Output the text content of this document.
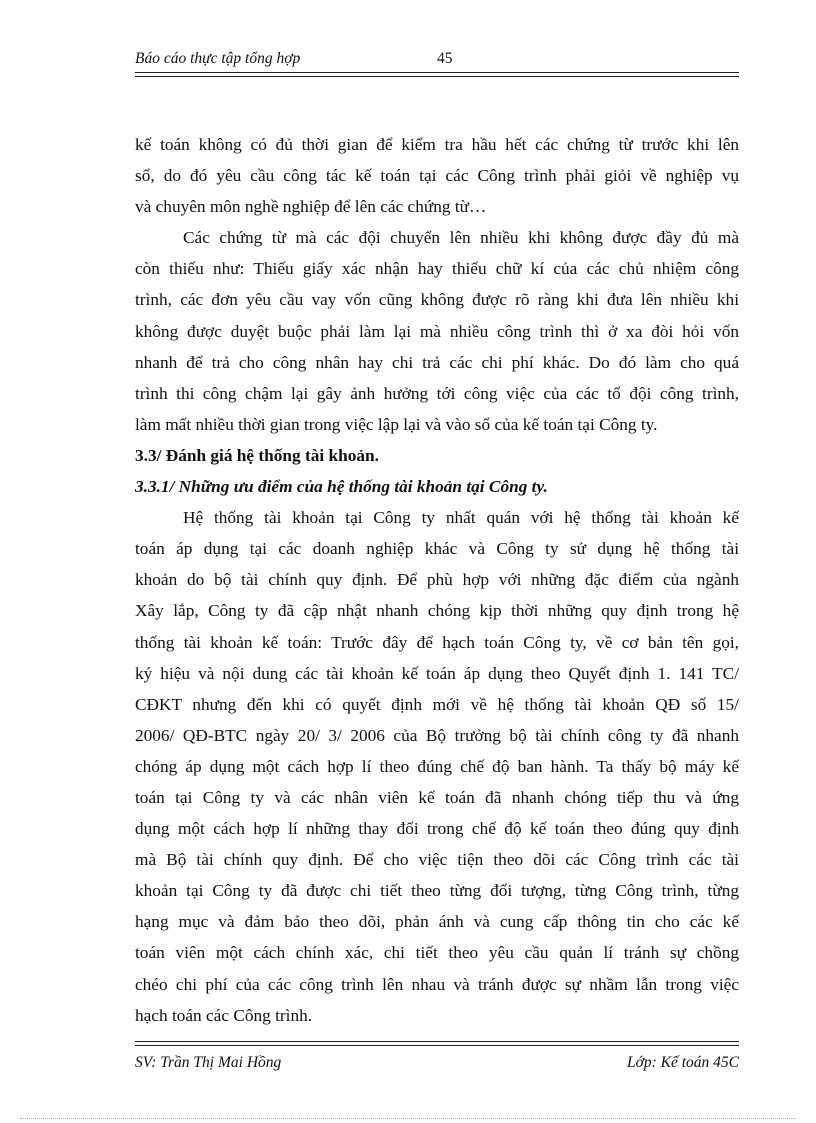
Báo cáo thực tập tổng hợp	45
kế toán không có đủ thời gian để kiểm tra hầu hết các chứng từ trước khi lên
sổ, do đó yêu cầu công tác kế toán tại các Công trình phải giỏi về nghiệp vụ
và chuyên môn nghề nghiệp để lên các chứng từ…
Các chứng từ mà các đội chuyển lên nhiều khi không được đầy đủ mà
còn thiếu như: Thiếu giấy xác nhận hay thiếu chữ kí của các chủ nhiệm công
trình, các đơn yêu cầu vay vốn cũng không được rõ ràng khi đưa lên nhiều khi
không được duyệt buộc phải làm lại mà nhiều công trình thì ở xa đòi hỏi vốn
nhanh để trả cho công nhân hay chi trả các chi phí khác. Do đó làm cho quá
trình thi công chậm lại gây ảnh hưởng tới công việc của các tổ đội công trình,
làm mất nhiều thời gian trong việc lập lại và vào sổ của kế toán tại Công ty.
3.3/ Đánh giá hệ thống tài khoản.
3.3.1/ Những ưu điểm của hệ thống tài khoản tại Công ty.
Hệ thống tài khoản tại Công ty nhất quán với hệ thống tài khoản kế
toán áp dụng tại các doanh nghiệp khác và Công ty sử dụng hệ thống tài
khoản do bộ tài chính quy định. Để phù hợp với những đặc điểm của ngành
Xây lắp, Công ty đã cập nhật nhanh chóng kịp thời những quy định trong hệ
thống tài khoản kế toán: Trước đây để hạch toán Công ty, về cơ bản tên gọi,
ký hiệu và nội dung các tài khoản kế toán áp dụng theo Quyết định 1. 141 TC/
CĐKT nhưng đến khi có quyết định mới về hệ thống tài khoản QĐ số 15/
2006/ QĐ-BTC ngày 20/ 3/ 2006 của Bộ trưởng bộ tài chính công ty đã nhanh
chóng áp dụng một cách hợp lí theo đúng chế độ ban hành. Ta thấy bộ máy kế
toán tại Công ty và các nhân viên kế toán đã nhanh chóng tiếp thu và ứng
dụng một cách hợp lí những thay đổi trong chế độ kế toán theo đúng quy định
mà Bộ tài chính quy định. Để cho việc tiện theo dõi các Công trình các tài
khoản tại Công ty đã được chi tiết theo từng đối tượng, từng Công trình, từng
hạng mục và đảm bảo theo dõi, phản ánh và cung cấp thông tin cho các kế
toán viên một cách chính xác, chi tiết theo yêu cầu quản lí tránh sự chồng
chéo chi phí của các công trình lên nhau và tránh được sự nhầm lẫn trong việc
hạch toán các Công trình.
SV: Trần Thị Mai Hồng	Lớp: Kế toán 45C
